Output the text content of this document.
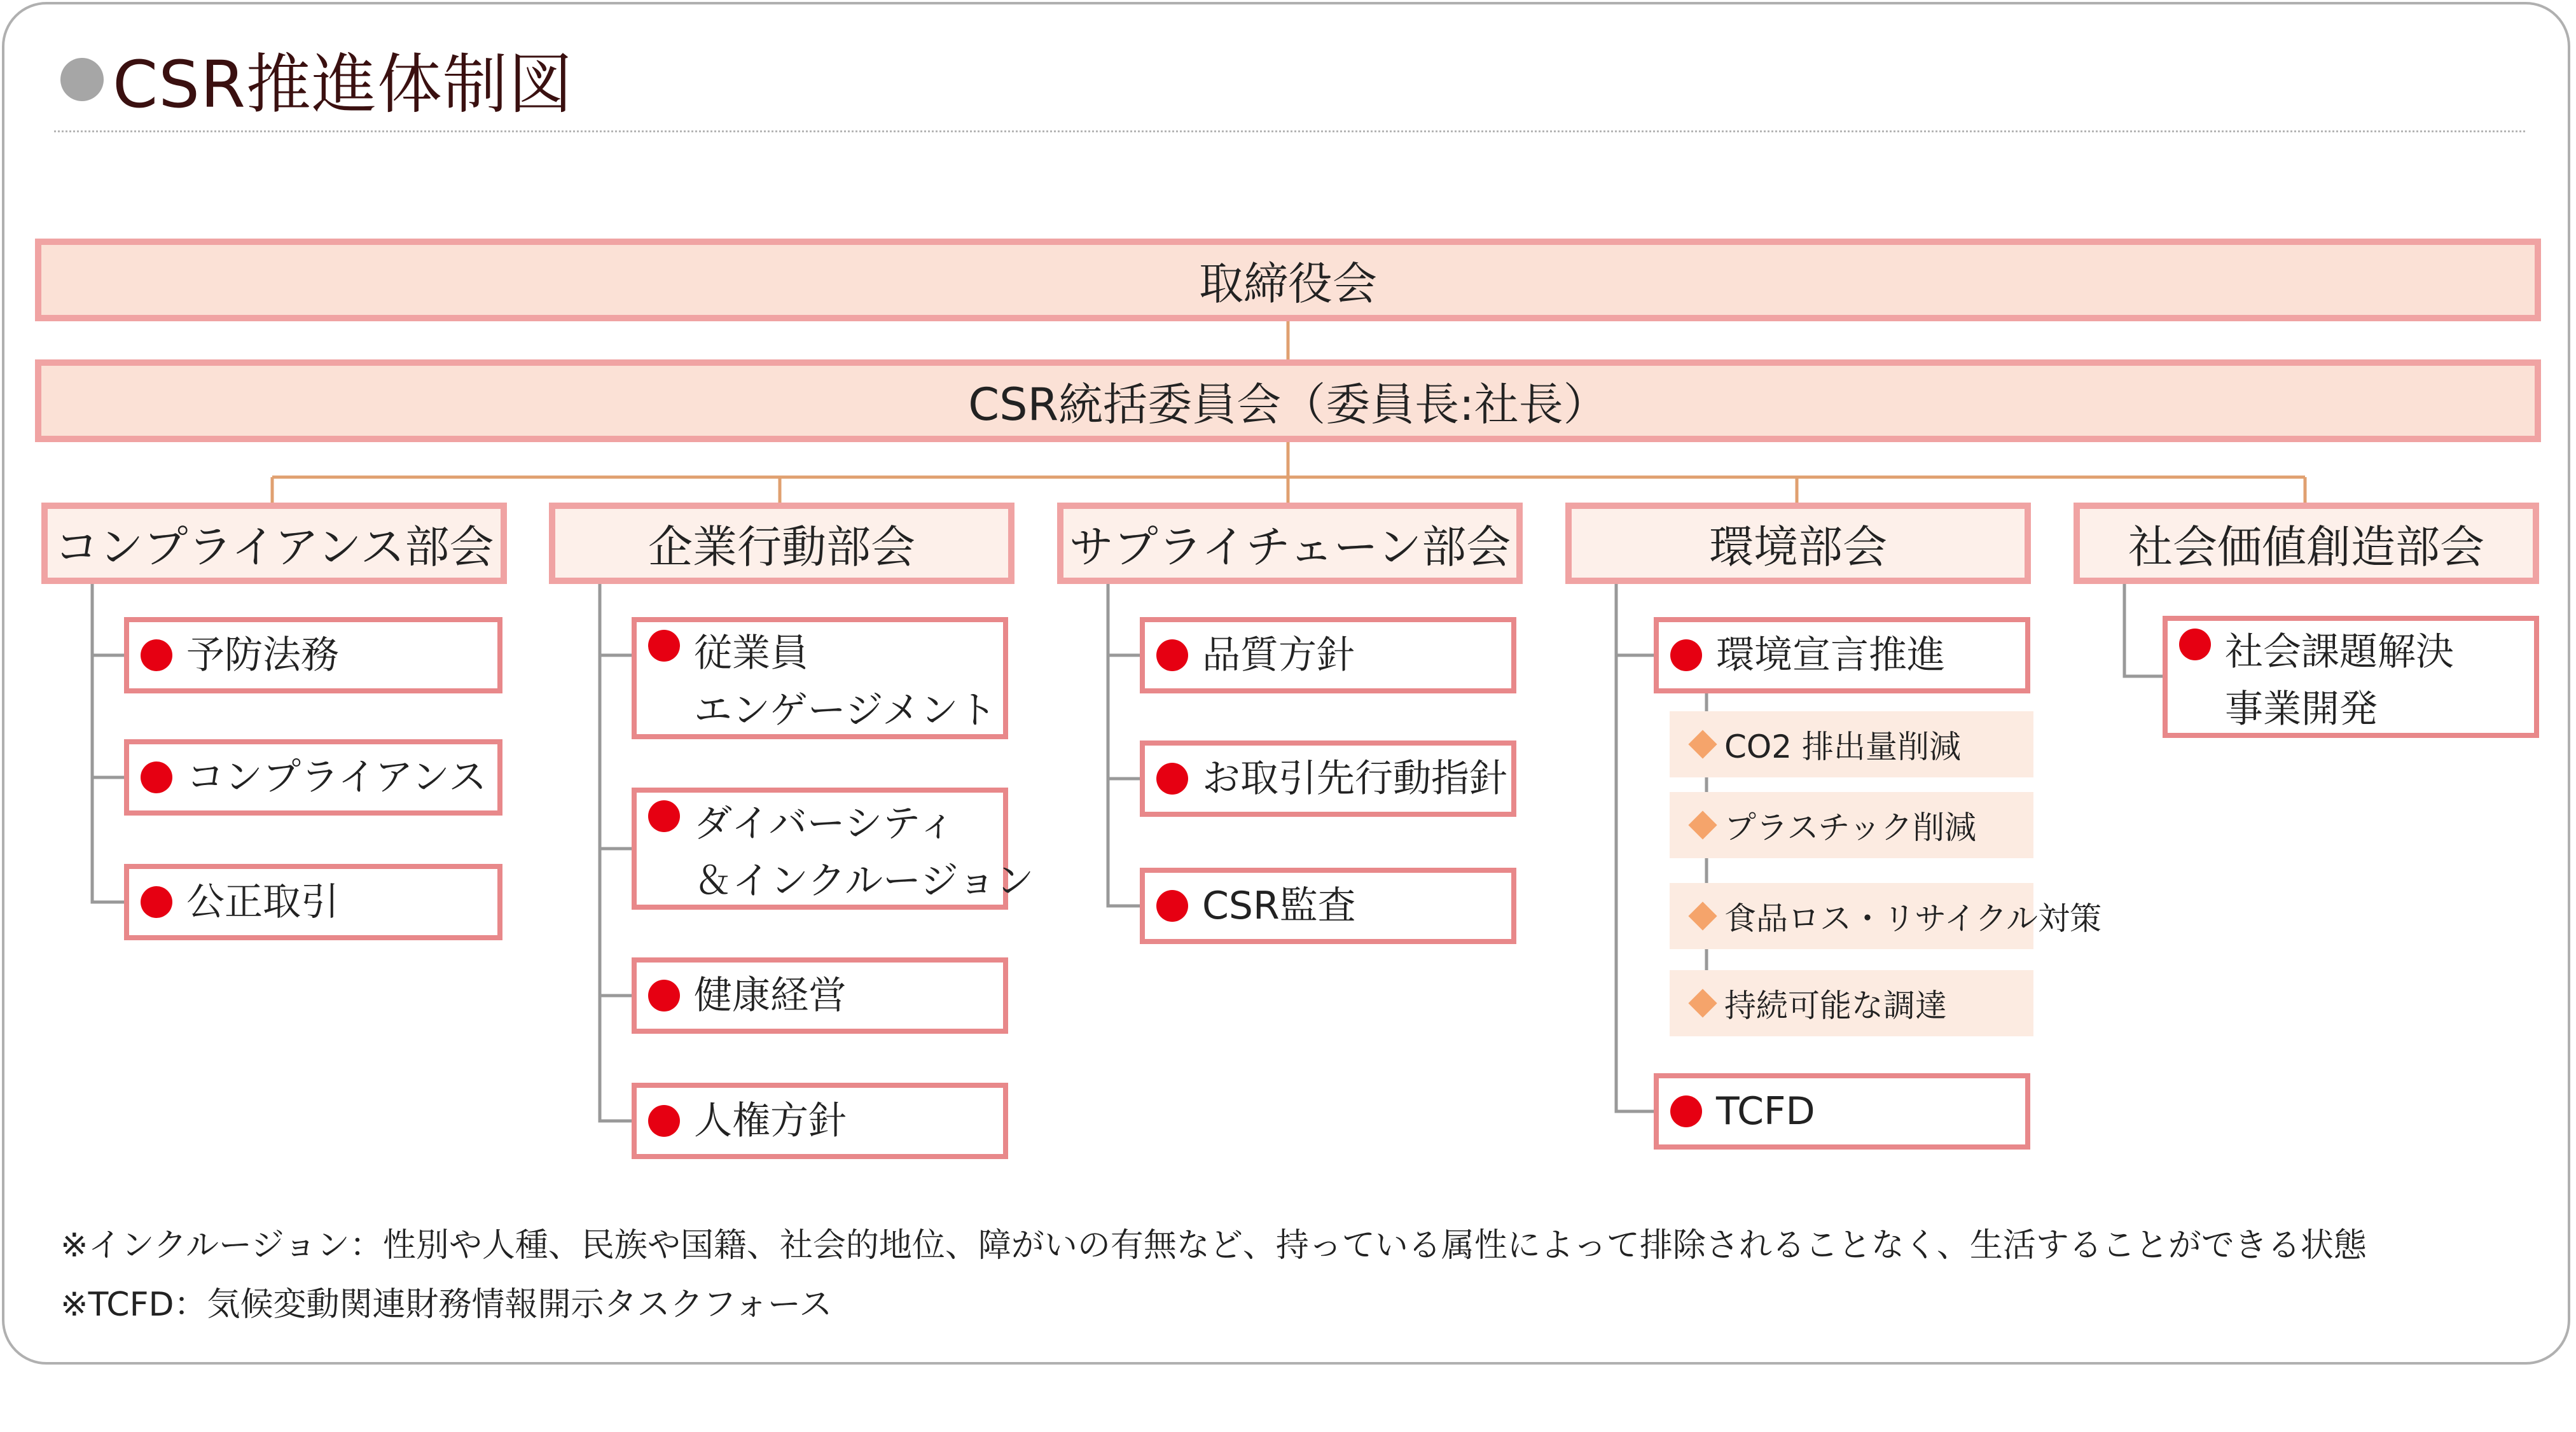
CSR推進体制図
取締役会
CSR統括委員会（委員長:社長）
コンプライアンス部会	企業行動部会	サプライチェーン部会	環境部会	社会価値創造部会
予防法務
コンプライアンス
公正取引
従業員
エンゲージメント
ダイバーシティ
＆インクルージョン
健康経営
人権方針
品質方針
お取引先行動指針
CSR監査
環境宣言推進
CO2 排出量削減
プラスチック削減
食品ロス・リサイクル対策
持続可能な調達
TCFD
社会課題解決
事業開発
※インクルージョン：性別や人種、民族や国籍、社会的地位、障がいの有無など、持っている属性によって排除されることなく、生活することができる状態
※TCFD：気候変動関連財務情報開示タスクフォース
